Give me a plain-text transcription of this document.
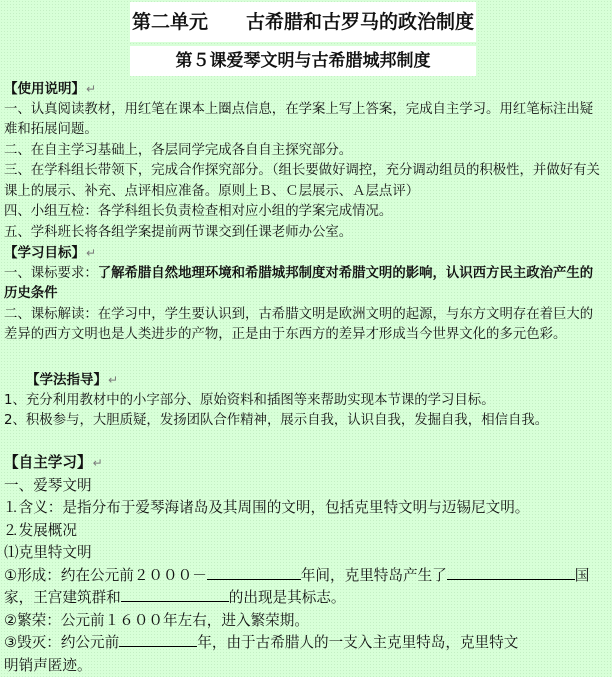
第二单元　　古希腊和古罗马的政治制度
第５课爱琴文明与古希腊城邦制度
【使用说明】↵
一、认真阅读教材，用红笔在课本上圈点信息，在学案上写上答案，完成自主学习。用红笔标注出疑难和拓展问题。
二、在自主学习基础上，各层同学完成各自自主探究部分。
三、在学科组长带领下，完成合作探究部分。（组长要做好调控，充分调动组员的积极性，并做好有关课上的展示、补充、点评相应准备。原则上Ｂ、Ｃ层展示、Ａ层点评）
四、小组互检：各学科组长负责检查相对应小组的学案完成情况。
五、学科班长将各组学案提前两节课交到任课老师办公室。
【学习目标】↵
一、课标要求：了解希腊自然地理环境和希腊城邦制度对希腊文明的影响，认识西方民主政治产生的历史条件
二、课标解读：在学习中，学生要认识到，古希腊文明是欧洲文明的起源，与东方文明存在着巨大的差异的西方文明也是人类进步的产物，正是由于东西方的差异才形成当今世界文化的多元色彩。
【学法指导】↵
1、充分利用教材中的小字部分、原始资料和插图等来帮助实现本节课的学习目标。
2、积极参与，大胆质疑，发扬团队合作精神，展示自我，认识自我，发掘自我，相信自我。
【自主学习】↵
一、爱琴文明
⒈含义：是指分布于爱琴海诸岛及其周围的文明，包括克里特文明与迈锡尼文明。
⒉发展概况
⑴克里特文明
①形成：约在公元前２０００－	年间，克里特岛产生了	国
家，王宫建筑群和	的出现是其标志。
②繁荣：公元前１６００年左右，进入繁荣期。
③毁灭：约公元前	年，由于古希腊人的一支入主克里特岛，克里特文
明销声匿迹。
